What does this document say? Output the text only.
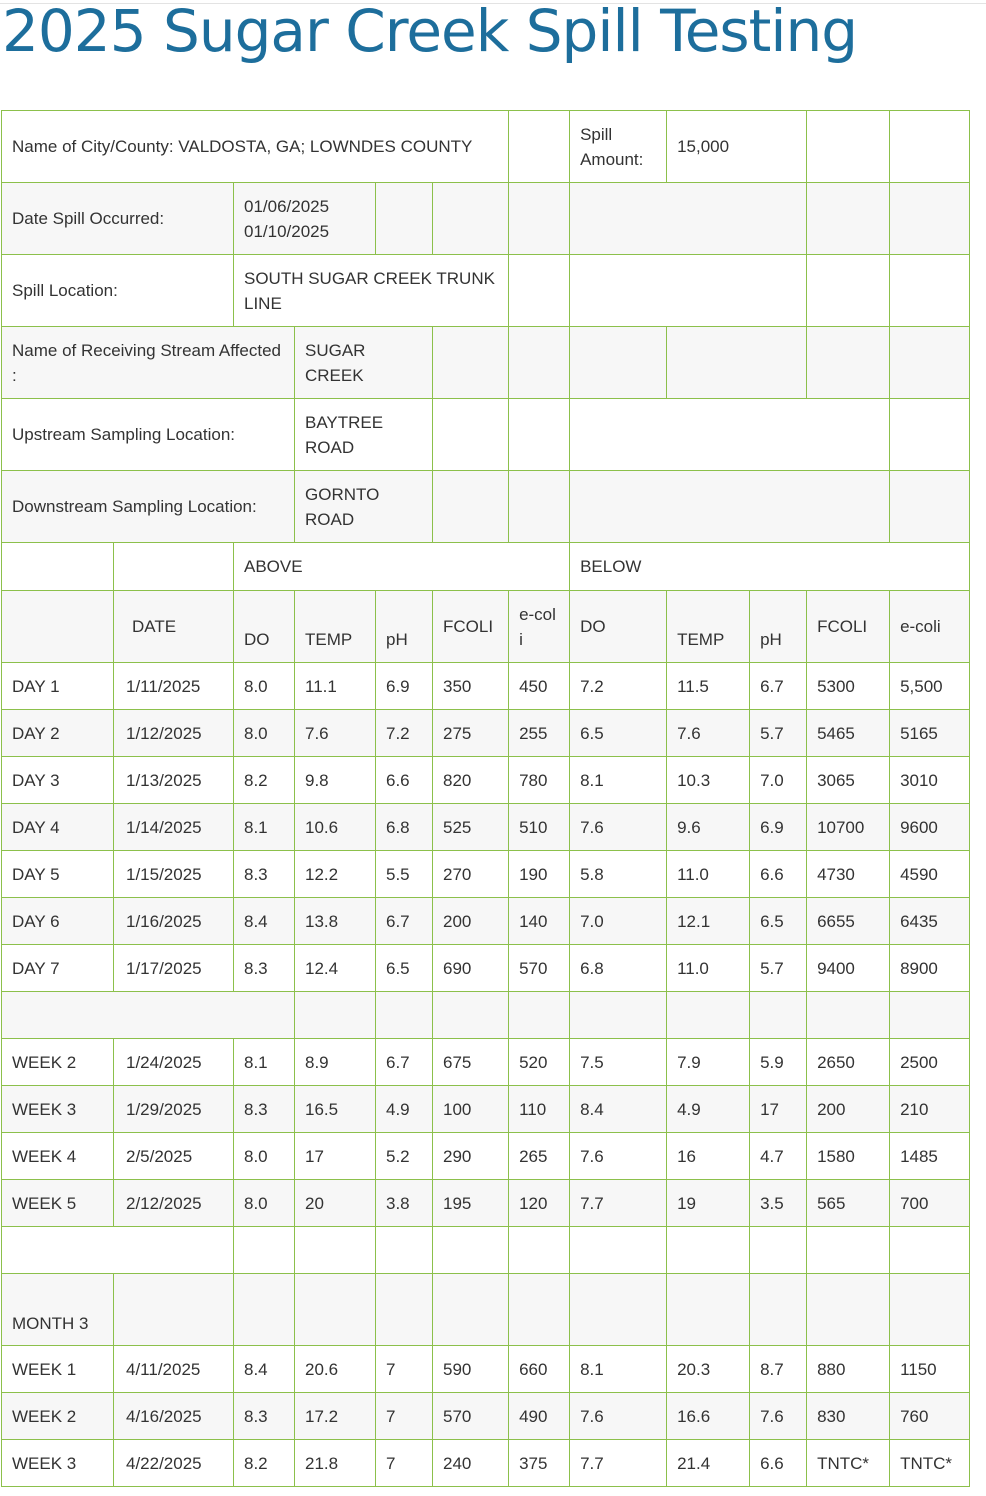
2025 Sugar Creek Spill Testing
Name of City/County: VALDOSTA, GA; LOWNDES COUNTY							Spill Amount:	15,000			
Date Spill Occurred:		01/06/2025
01/10/2025									

Spill Location:		SOUTH SUGAR CREEK TRUNK LINE									
Name of Receiving Stream Affected :			SUGAR CREEK								
Upstream Sampling Location:			BAYTREE ROAD								
Downstream Sampling Location:			GORNTO ROAD								
		ABOVE					BELOW				
	DATE	DO	TEMP	pH	FCOLI	e-coli	DO	TEMP	pH	FCOLI	e-coli
DAY 1	1/11/2025	8.0	11.1	6.9	350	450	7.2	11.5	6.7	5300	5,500
DAY 2	1/12/2025	8.0	7.6	7.2	275	255	6.5	7.6	5.7	5465	5165
DAY 3	1/13/2025	8.2	9.8	6.6	820	780	8.1	10.3	7.0	3065	3010
DAY 4	1/14/2025	8.1	10.6	6.8	525	510	7.6	9.6	6.9	10700	9600
DAY 5	1/15/2025	8.3	12.2	5.5	270	190	5.8	11.0	6.6	4730	4590
DAY 6	1/16/2025	8.4	13.8	6.7	200	140	7.0	12.1	6.5	6655	6435
DAY 7	1/17/2025	8.3	12.4	6.5	690	570	6.8	11.0	5.7	9400	8900

WEEK 2	1/24/2025	8.1	8.9	6.7	675	520	7.5	7.9	5.9	2650	2500
WEEK 3	1/29/2025	8.3	16.5	4.9	100	110	8.4	4.9	17	200	210
WEEK 4	2/5/2025	8.0	17	5.2	290	265	7.6	16	4.7	1580	1485
WEEK 5	2/12/2025	8.0	20	3.8	195	120	7.7	19	3.5	565	700

MONTH 3											
WEEK 1	4/11/2025	8.4	20.6	7	590	660	8.1	20.3	8.7	880	1150
WEEK 2	4/16/2025	8.3	17.2	7	570	490	7.6	16.6	7.6	830	760
WEEK 3	4/22/2025	8.2	21.8	7	240	375	7.7	21.4	6.6	TNTC*	TNTC*
